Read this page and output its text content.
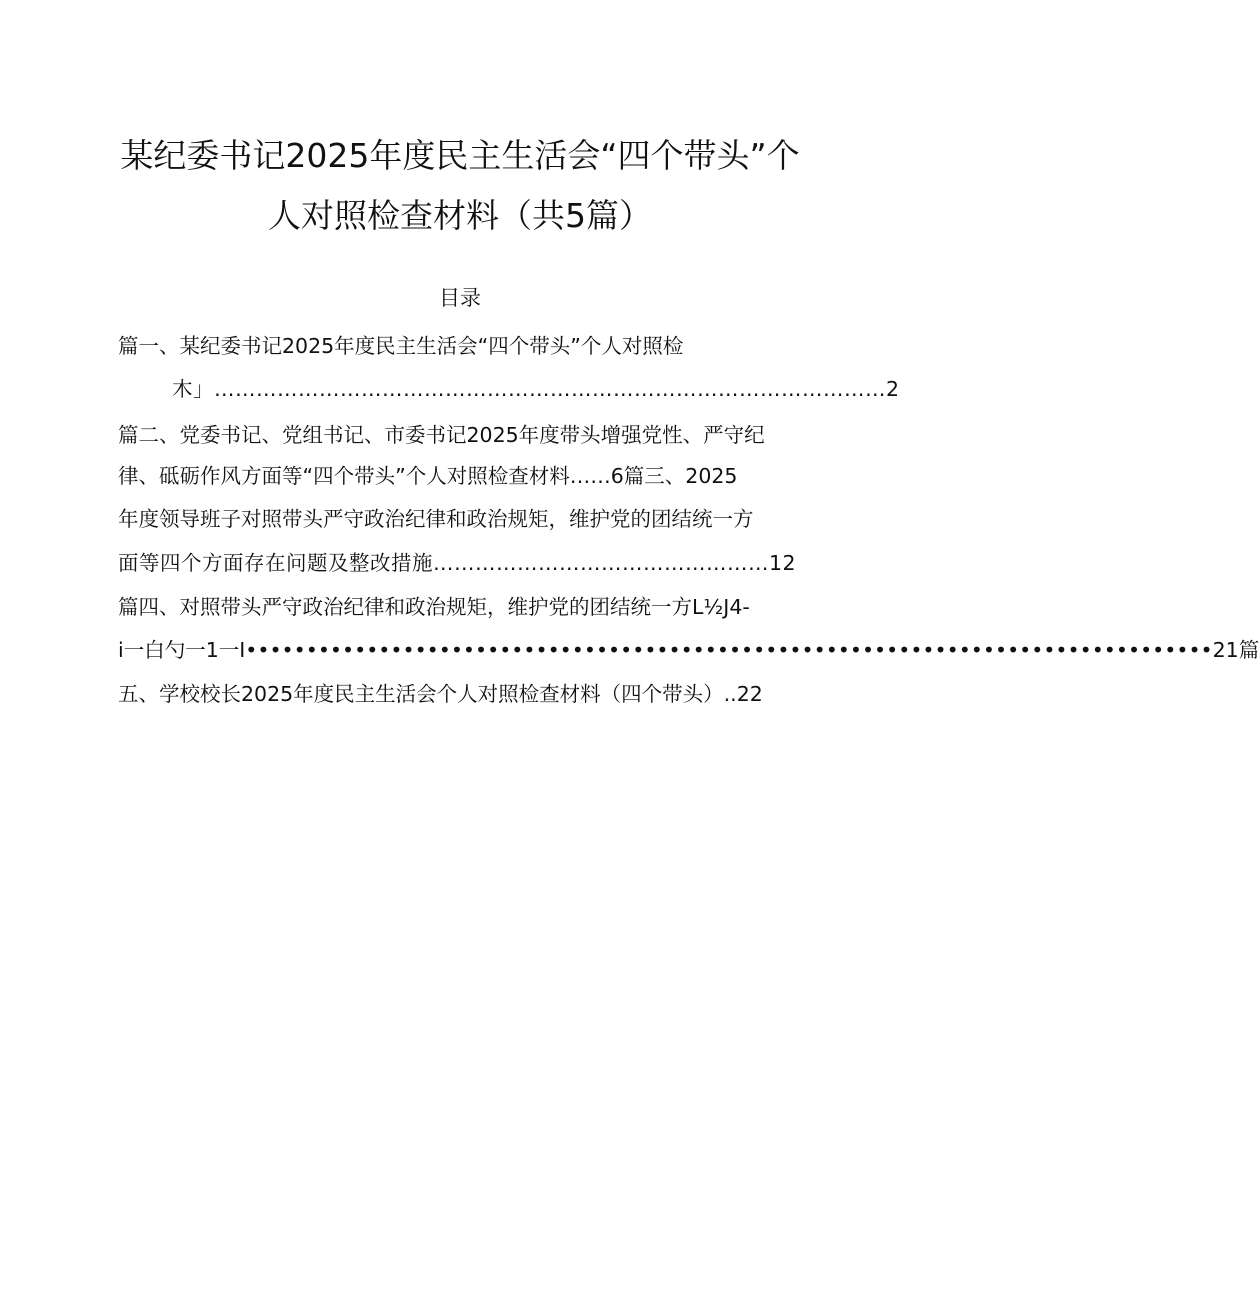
某纪委书记2025年度民主生活会“四个带头”个
人对照检查材料（共5篇）
目录
篇一、某纪委书记2025年度民主生活会“四个带头”个人对照检
木」……………………………………………………………………………………2
篇二、党委书记、党组书记、市委书记2025年度带头增强党性、严守纪
律、砥砺作风方面等“四个带头”个人对照检查材料……6篇三、2025
年度领导班子对照带头严守政治纪律和政治规矩，维护党的团结统一方
面等四个方面存在问题及整改措施…………………………………………12
篇四、对照带头严守政治纪律和政治规矩，维护党的团结统一方L½J4-
i一白勺一1一I••••••••••••••••••••••••••••••••••••••••••••••••••••••••••••••••••••••••••••••••21篇
五、学校校长2025年度民主生活会个人对照检查材料（四个带头）..22
